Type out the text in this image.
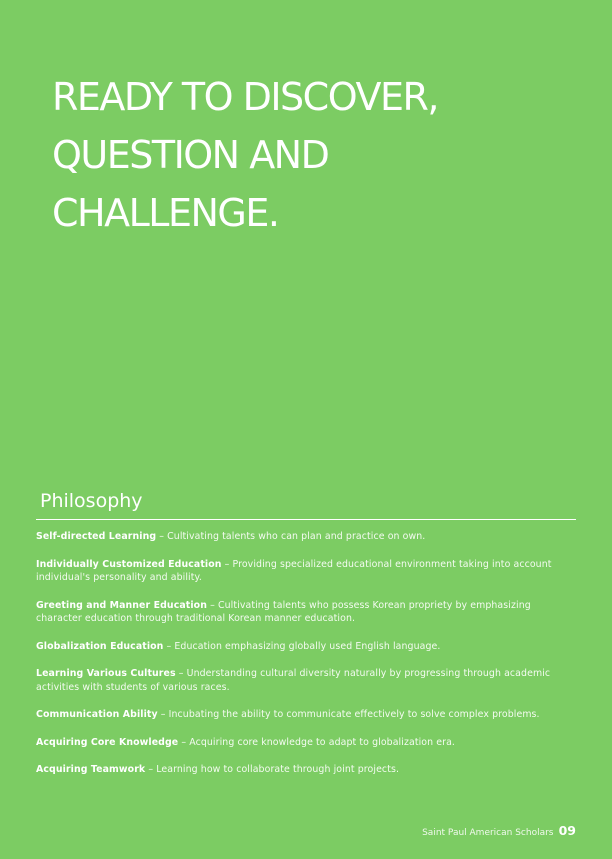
READY TO DISCOVER,
QUESTION AND
CHALLENGE.
Philosophy
Self-directed Learning – Cultivating talents who can plan and practice on own.
Individually Customized Education – Providing specialized educational environment taking into account individual's personality and ability.
Greeting and Manner Education – Cultivating talents who possess Korean propriety by emphasizing character education through traditional Korean manner education.
Globalization Education – Education emphasizing globally used English language.
Learning Various Cultures – Understanding cultural diversity naturally by progressing through academic activities with students of various races.
Communication Ability – Incubating the ability to communicate effectively to solve complex problems.
Acquiring Core Knowledge – Acquiring core knowledge to adapt to globalization era.
Acquiring Teamwork – Learning how to collaborate through joint projects.
Saint Paul American Scholars 09
